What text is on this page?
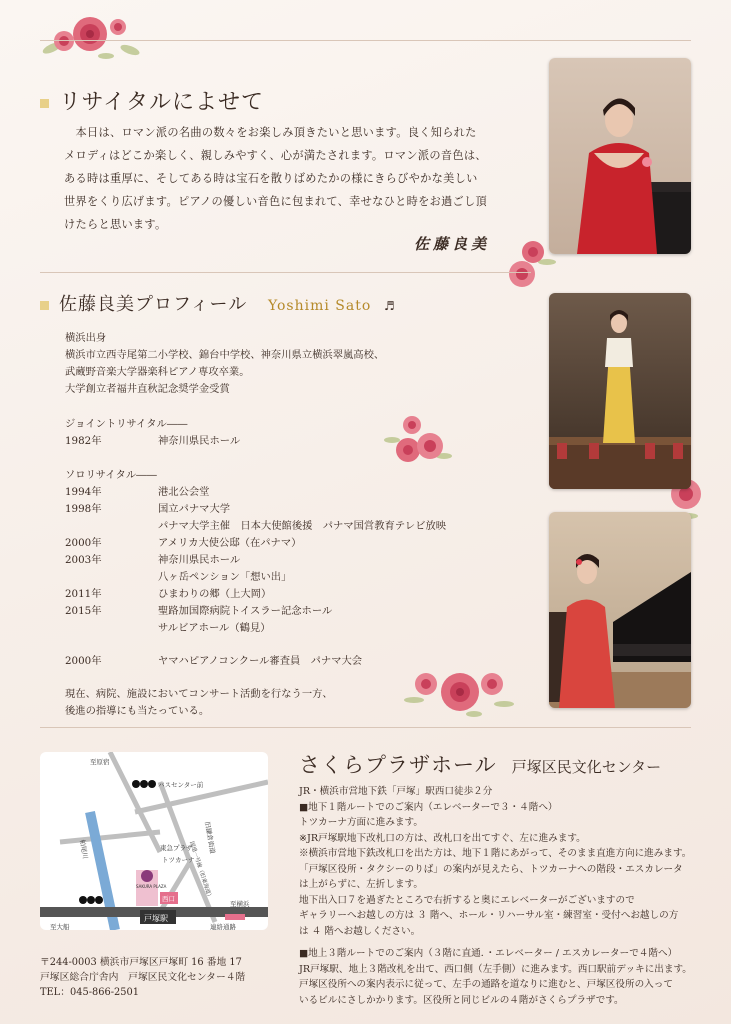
リサイタルによせて
　本日は、ロマン派の名曲の数々をお楽しみ頂きたいと思います。良く知られたメロディはどこか楽しく、親しみやすく、心が満たされます。ロマン派の音色は、ある時は重厚に、そしてある時は宝石を散りばめたかの様にきらびやかな美しい世界をくり広げます。ピアノの優しい音色に包まれて、幸せなひと時をお過ごし頂けたらと思います。
佐藤良美
佐藤良美プロフィール Yoshimi Sato ♬
横浜出身
横浜市立西寺尾第二小学校、錦台中学校、神奈川県立横浜翠嵐高校、
武蔵野音楽大学器楽科ピアノ専攻卒業。
大学創立者福井直秋記念奨学金受賞
ジョイントリサイタル――
1982年	神奈川県民ホール
ソロリサイタル――
1994年	港北公会堂
1998年	国立パナマ大学
パナマ大学主催　日本大使館後援　パナマ国営教育テレビ放映
2000年	アメリカ大使公邸（在パナマ）
2003年	神奈川県民ホール
八ヶ岳ペンション「想い出」
2011年	ひまわりの郷（上大岡）
2015年	聖路加国際病院トイスラー記念ホール
サルビアホール（鶴見）
2000年	ヤマハピアノコンクール審査員　パナマ大会
現在、病院、施設においてコンサート活動を行なう一方、
後進の指導にも当たっている。
バスセンター前
戸塚駅
西口
至大船
至横浜
連絡通路
至原宿
東急プラザ
トツカーナ
SAKURA PLAZA
柏尾川	旧鎌倉街道
国道一号線（旧東海道）
〒244-0003 横浜市戸塚区戸塚町 16 番地 17
戸塚区総合庁舎内　戸塚区民文化センター４階
TEL：045-866-2501
さくらプラザホール 戸塚区民文化センター
JR・横浜市営地下鉄「戸塚」駅西口徒歩２分
■地下１階ルートでのご案内（エレベーターで３・４階へ）
トツカーナ方面に進みます。
※JR戸塚駅地下改札口の方は、改札口を出てすぐ、左に進みます。
※横浜市営地下鉄改札口を出た方は、地下１階にあがって、そのまま直進方向に進みます。
「戸塚区役所・タクシーのりば」の案内が見えたら、トツカーナへの階段・エスカレータ
は上がらずに、左折します。
地下出入口７を過ぎたところで右折すると奥にエレベーターがございますので
ギャラリーへお越しの方は ３ 階へ、ホール・リハーサル室・練習室・受付へお越しの方
は ４ 階へお越しください。
■地上３階ルートでのご案内（３階に直通．・エレベーター / エスカレーターで４階へ）
JR戸塚駅、地上３階改札を出て、西口側（左手側）に進みます。西口駅前デッキに出ます。
戸塚区役所への案内表示に従って、左手の通路を道なりに進むと、戸塚区役所の入って
いるビルにさしかかります。区役所と同じビルの４階がさくらプラザです。
